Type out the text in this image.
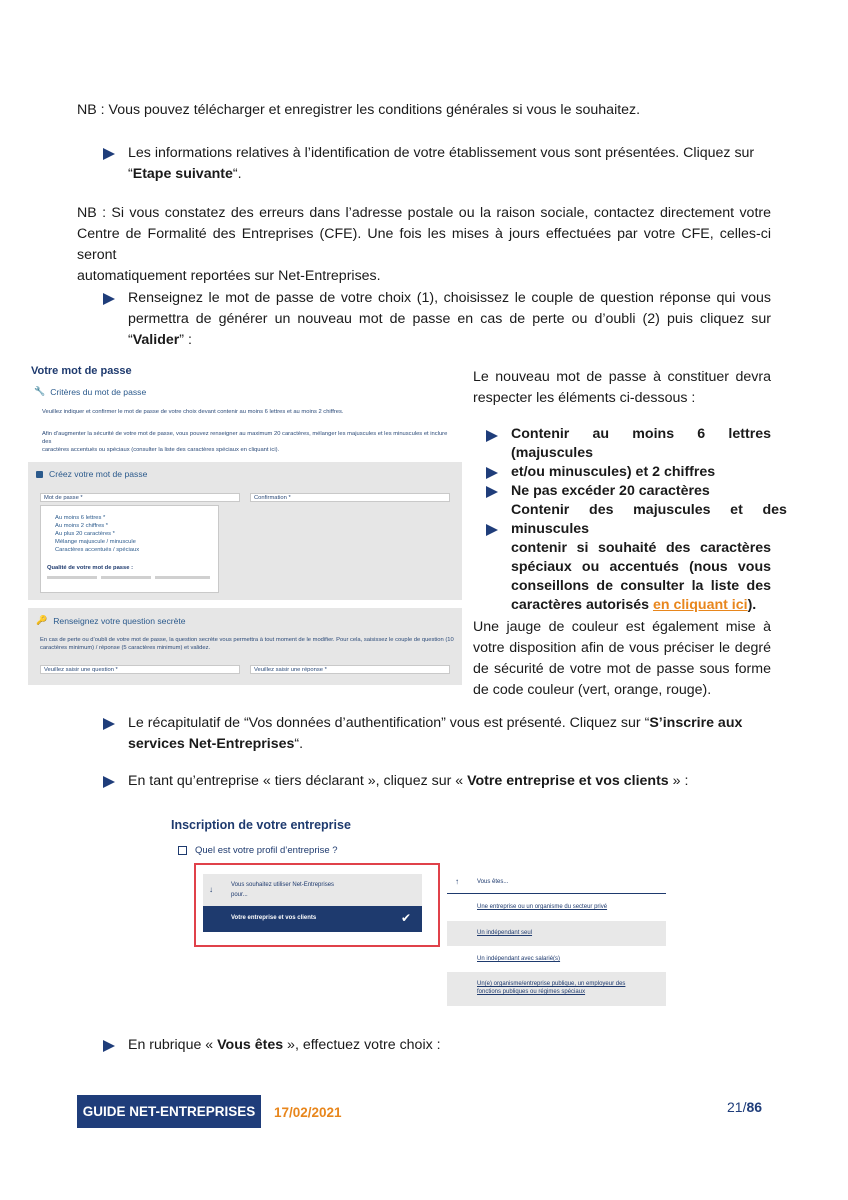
NB : Vous pouvez télécharger et enregistrer les conditions générales si vous le souhaitez.
Les informations relatives à l’identification de votre établissement vous sont présentées. Cliquez sur
“Etape suivante“.
NB : Si vous constatez des erreurs dans l’adresse postale ou la raison sociale, contactez directement votre
Centre de Formalité des Entreprises (CFE). Une fois les mises à jours effectuées par votre CFE, celles-ci seront
automatiquement reportées sur Net-Entreprises.
Renseignez le mot de passe de votre choix (1), choisissez le couple de question réponse qui vous
permettra de générer un nouveau mot de passe en cas de perte ou d’oubli (2) puis cliquez sur
“Valider” :
Votre mot de passe
🔧 Critères du mot de passe
Veuillez indiquer et confirmer le mot de passe de votre choix devant contenir au moins 6 lettres et au moins 2 chiffres.
Afin d’augmenter la sécurité de votre mot de passe, vous pouvez renseigner au maximum 20 caractères, mélanger les majuscules et les minuscules et inclure des
caractères accentués ou spéciaux (consulter la liste des caractères spéciaux en cliquant ici).
Créez votre mot de passe
Mot de passe *	Confirmation *
Au moins 6 lettres *
Au moins 2 chiffres *
Au plus 20 caractères *
Mélange majuscule / minuscule
Caractères accentués / spéciaux
Qualité de votre mot de passe :
🔑 Renseignez votre question secrète
En cas de perte ou d’oubli de votre mot de passe, la question secrète vous permettra à tout moment de le modifier. Pour cela, saisissez le couple de question (10
caractères minimum) / réponse (5 caractères minimum) et validez.
Veuillez saisir une question *	Veuillez saisir une réponse *
Le nouveau mot de passe à constituer devra
respecter les éléments ci-dessous :
Contenir au moins 6 lettres (majuscules
et/ou minuscules) et 2 chiffres
Ne pas excéder 20 caractères
Contenir     des     majuscules     et     des
minuscules
contenir si souhaité des caractères
spéciaux ou accentués (nous vous
conseillons de consulter la liste des
caractères autorisés en cliquant ici).
Une jauge de couleur est également mise à
votre disposition afin de vous préciser le degré
de sécurité de votre mot de passe sous forme
de code couleur (vert, orange, rouge).
Le récapitulatif de “Vos données d’authentification” vous est présenté. Cliquez sur “S’inscrire aux
services Net-Entreprises“.
En tant qu’entreprise « tiers déclarant », cliquez sur « Votre entreprise et vos clients » :
Inscription de votre entreprise
Quel est votre profil d’entreprise ?
↓	Vous souhaitez utiliser Net-Entreprises
pour...
Votre entreprise et vos clients	✔
↑	Vous êtes...
Une entreprise ou un organisme du secteur privé
Un indépendant seul
Un indépendant avec salarié(s)
Un(e) organisme/entreprise publique, un employeur des
fonctions publiques ou régimes spéciaux
En rubrique « Vous êtes », effectuez votre choix :
GUIDE NET-ENTREPRISES	17/02/2021	21/86
